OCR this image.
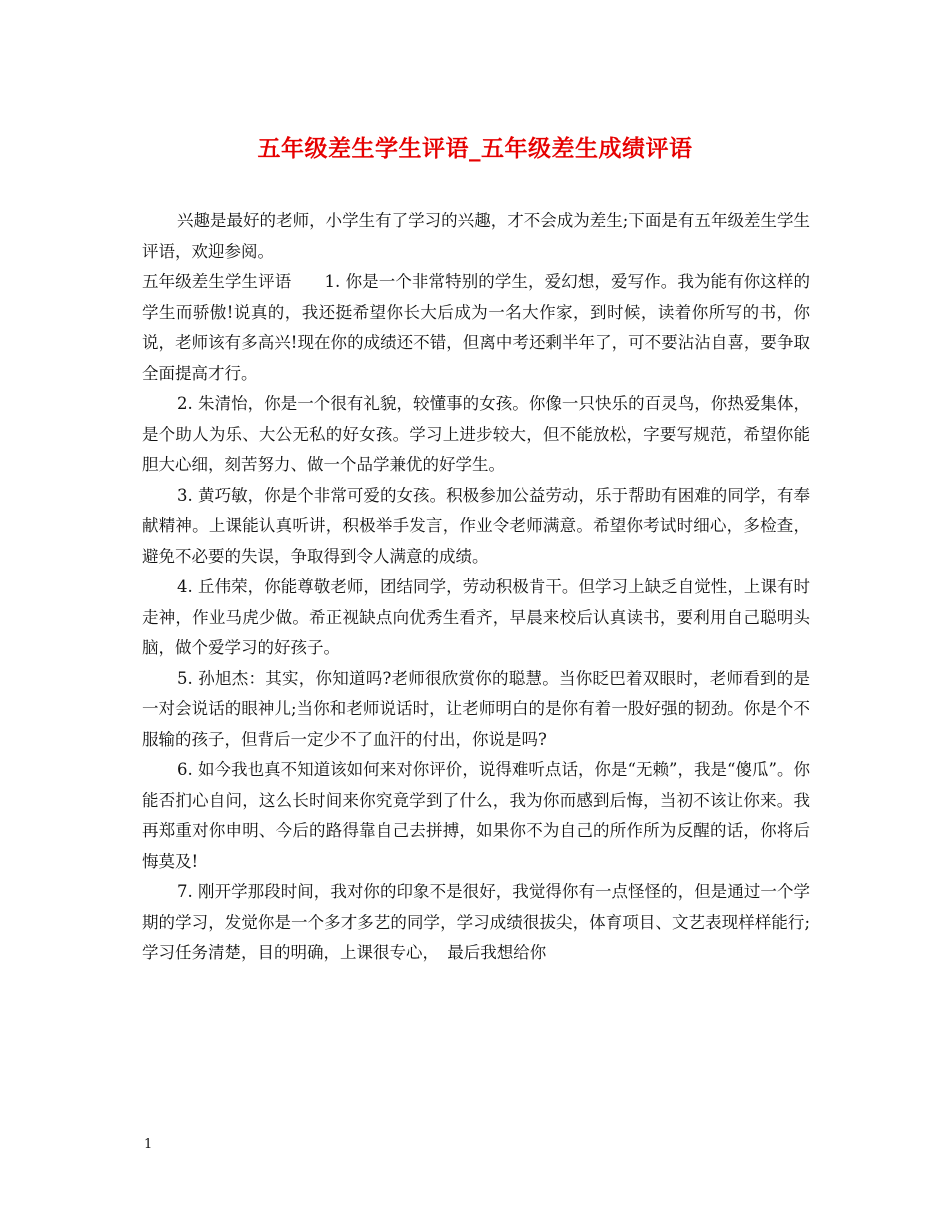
五年级差生学生评语_五年级差生成绩评语

兴趣是最好的老师，小学生有了学习的兴趣，才不会成为差生;下面是有五年级差生学生评语，欢迎参阅。

五年级差生学生评语　　1. 你是一个非常特别的学生，爱幻想，爱写作。我为能有你这样的学生而骄傲!说真的，我还挺希望你长大后成为一名大作家，到时候，读着你所写的书，你说，老师该有多高兴!现在你的成绩还不错，但离中考还剩半年了，可不要沾沾自喜，要争取全面提高才行。

2. 朱清怡，你是一个很有礼貌，较懂事的女孩。你像一只快乐的百灵鸟，你热爱集体，是个助人为乐、大公无私的好女孩。学习上进步较大，但不能放松，字要写规范，希望你能胆大心细，刻苦努力、做一个品学兼优的好学生。

3. 黄巧敏，你是个非常可爱的女孩。积极参加公益劳动，乐于帮助有困难的同学，有奉献精神。上课能认真听讲，积极举手发言，作业令老师满意。希望你考试时细心，多检查，避免不必要的失误，争取得到令人满意的成绩。

4. 丘伟荣，你能尊敬老师，团结同学，劳动积极肯干。但学习上缺乏自觉性，上课有时走神，作业马虎少做。希正视缺点向优秀生看齐，早晨来校后认真读书，要利用自己聪明头脑，做个爱学习的好孩子。

5. 孙旭杰：其实，你知道吗?老师很欣赏你的聪慧。当你眨巴着双眼时，老师看到的是一对会说话的眼神儿;当你和老师说话时，让老师明白的是你有着一股好强的韧劲。你是个不服输的孩子，但背后一定少不了血汗的付出，你说是吗?

6. 如今我也真不知道该如何来对你评价，说得难听点话，你是“无赖”，我是“傻瓜”。你能否扪心自问，这么长时间来你究竟学到了什么，我为你而感到后悔，当初不该让你来。我再郑重对你申明、今后的路得靠自己去拼搏，如果你不为自己的所作所为反醒的话，你将后悔莫及!

7. 刚开学那段时间，我对你的印象不是很好，我觉得你有一点怪怪的，但是通过一个学期的学习，发觉你是一个多才多艺的同学，学习成绩很拔尖，体育项目、文艺表现样样能行;学习任务清楚，目的明确，上课很专心，　最后我想给你

1
